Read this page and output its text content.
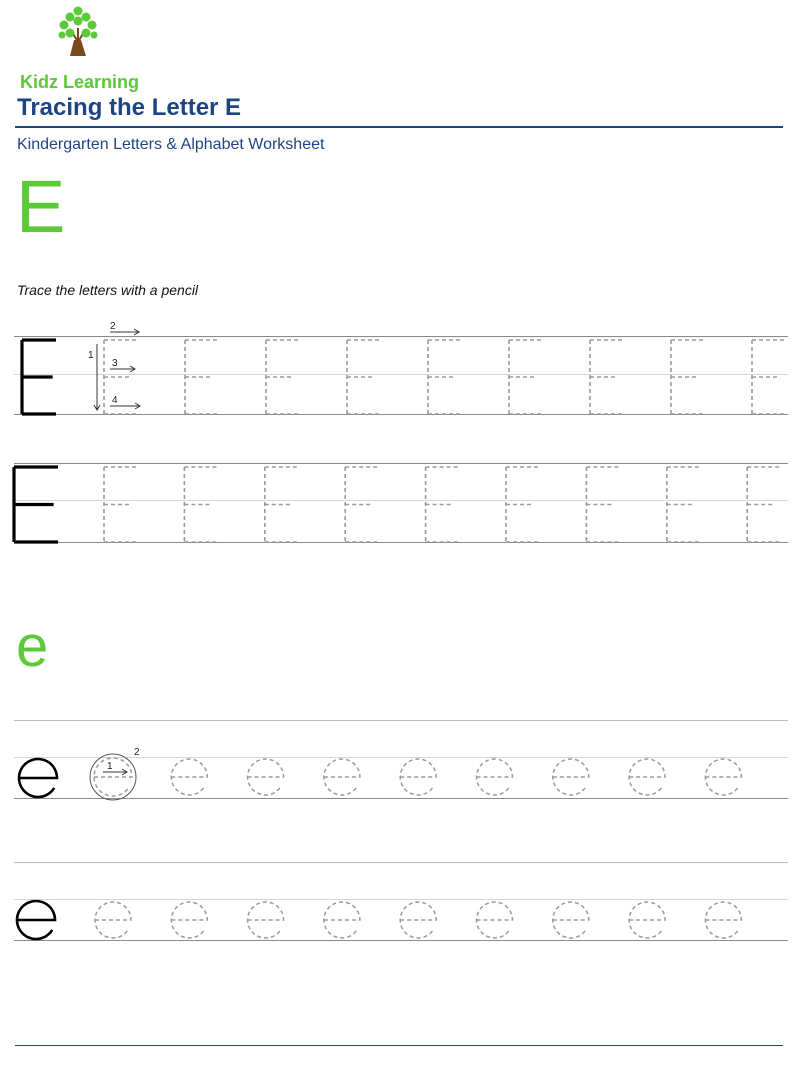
Kidz Learning
Tracing the Letter E
Kindergarten Letters & Alphabet Worksheet
E
Trace the letters with a pencil
1
2
3
4
e
1
2
